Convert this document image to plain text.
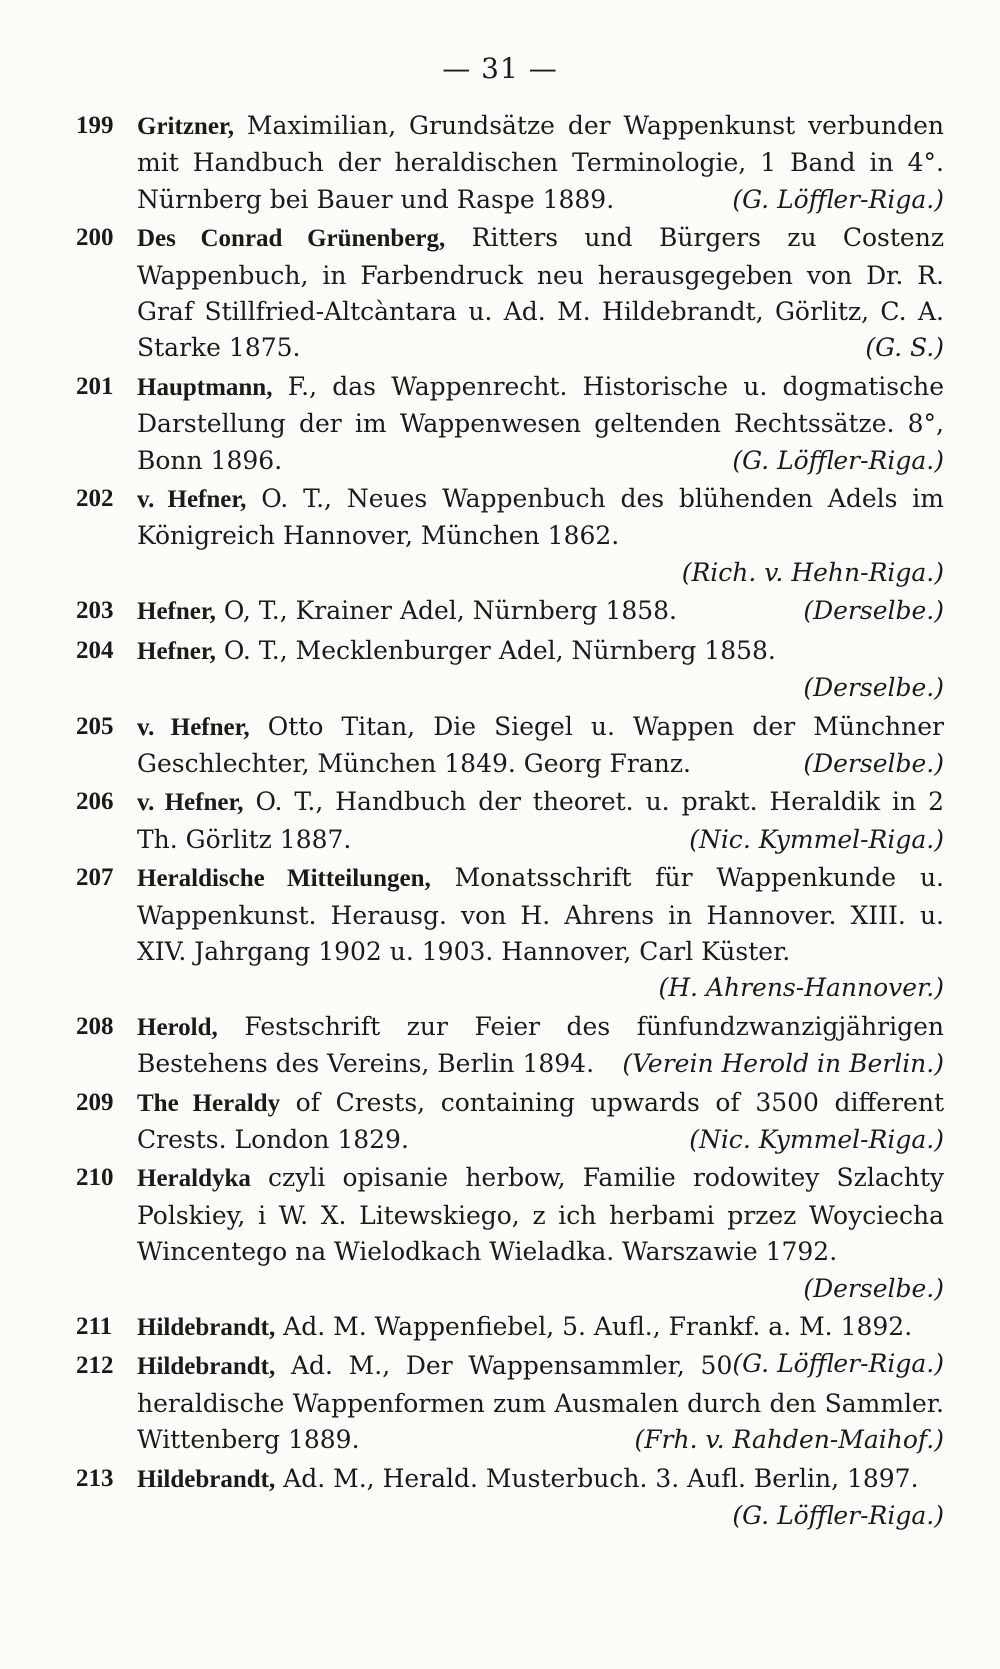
— 31 —
199 Gritzner, Maximilian, Grundsätze der Wappenkunst verbunden mit Handbuch der heraldischen Terminologie, 1 Band in 4°. Nürnberg bei Bauer und Raspe 1889.	(G. Löffler-Riga.)
200 Des Conrad Grünenberg, Ritters und Bürgers zu Costenz Wappenbuch, in Farbendruck neu herausgegeben von Dr. R. Graf Stillfried-Altcàntara u. Ad. M. Hildebrandt, Görlitz, C. A. Starke 1875.	(G. S.)
201 Hauptmann, F., das Wappenrecht. Historische u. dogmatische Darstellung der im Wappenwesen geltenden Rechtssätze. 8°, Bonn 1896.	(G. Löffler-Riga.)
202 v. Hefner, O. T., Neues Wappenbuch des blühenden Adels im Königreich Hannover, München 1862.
(Rich. v. Hehn-Riga.)
203 Hefner, O, T., Krainer Adel, Nürnberg 1858.	(Derselbe.)
204 Hefner, O. T., Mecklenburger Adel, Nürnberg 1858.
(Derselbe.)
205 v. Hefner, Otto Titan, Die Siegel u. Wappen der Münchner Geschlechter, München 1849. Georg Franz.	(Derselbe.)
206 v. Hefner, O. T., Handbuch der theoret. u. prakt. Heraldik in 2 Th. Görlitz 1887.	(Nic. Kymmel-Riga.)
207 Heraldische Mitteilungen, Monatsschrift für Wappenkunde u. Wappenkunst. Herausg. von H. Ahrens in Hannover. XIII. u. XIV. Jahrgang 1902 u. 1903. Hannover, Carl Küster.
(H. Ahrens-Hannover.)
208 Herold, Festschrift zur Feier des fünfundzwanzigjährigen Bestehens des Vereins, Berlin 1894. (Verein Herold in Berlin.)
209 The Heraldy of Crests, containing upwards of 3500 different Crests. London 1829.	(Nic. Kymmel-Riga.)
210 Heraldyka czyli opisanie herbow, Familie rodowitey Szlachty Polskiey, i W. X. Litewskiego, z ich herbami przez Woyciecha Wincentego na Wielodkach Wieladka. Warszawie 1792.
(Derselbe.)
211 Hildebrandt, Ad. M. Wappenfiebel, 5. Aufl., Frankf. a. M. 1892.
(G. Löffler-Riga.)
212 Hildebrandt, Ad. M., Der Wappensammler, 50 heraldische Wappenformen zum Ausmalen durch den Sammler. Wittenberg 1889.	(Frh. v. Rahden-Maihof.)
213 Hildebrandt, Ad. M., Herald. Musterbuch. 3. Aufl. Berlin, 1897.
(G. Löffler-Riga.)
